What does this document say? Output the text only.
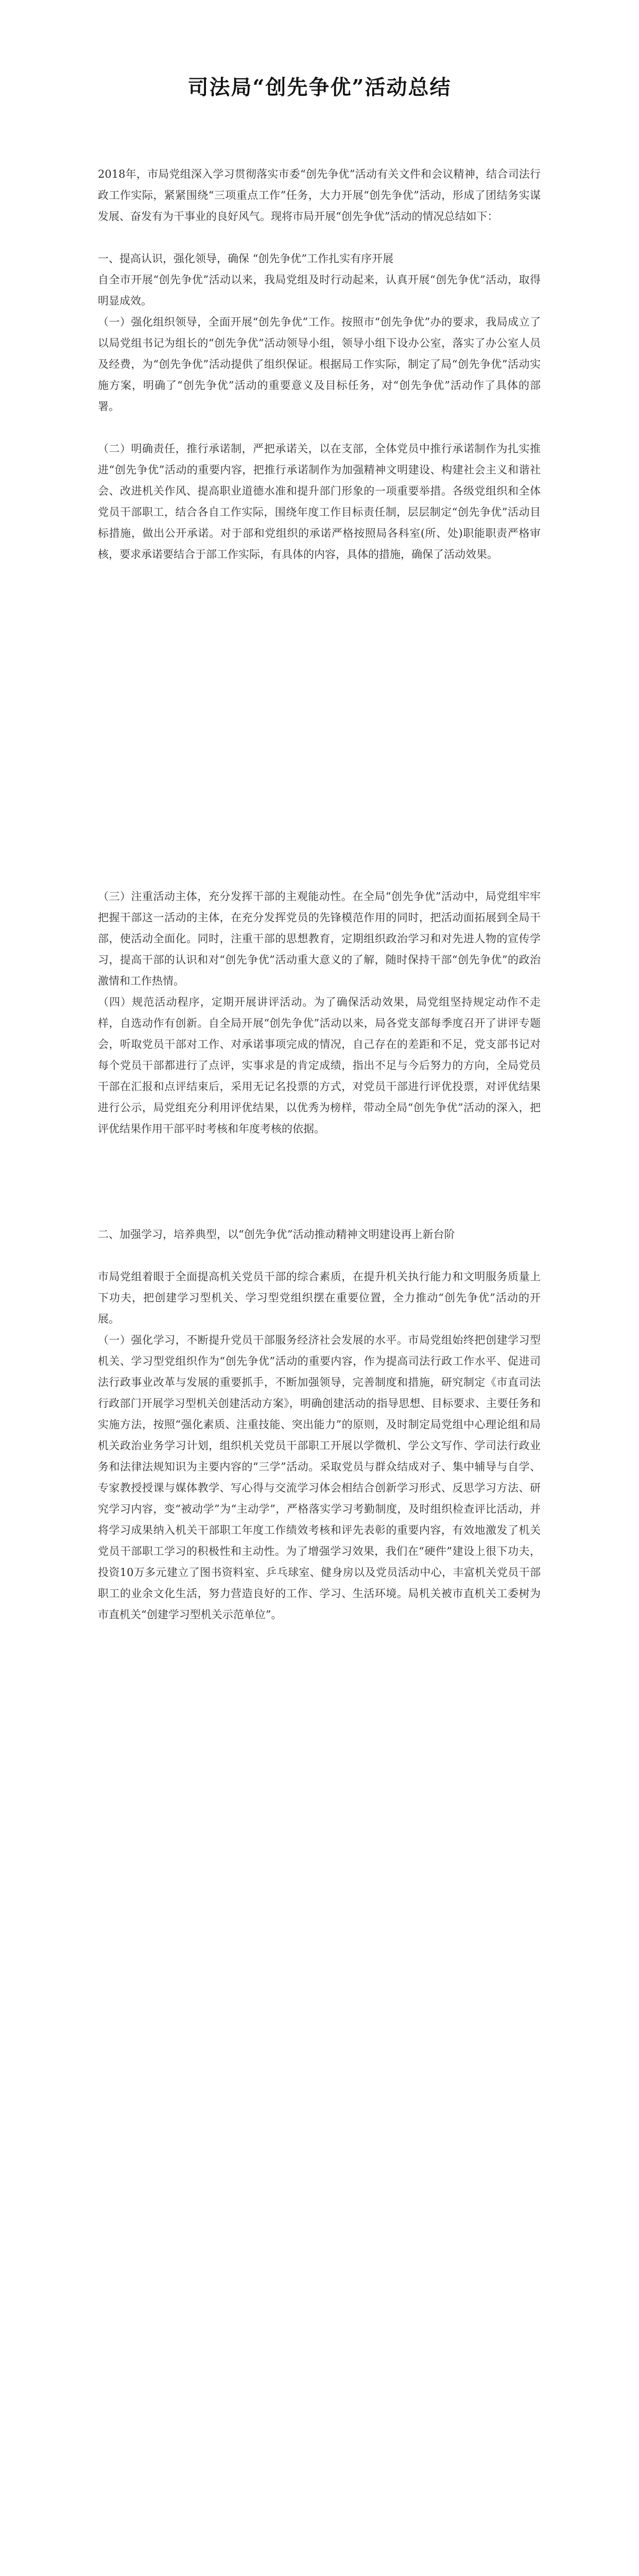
司法局“创先争优”活动总结

2018年，市局党组深入学习贯彻落实市委“创先争优”活动有关文件和会议精神，结合司法行政工作实际，紧紧围绕“三项重点工作”任务，大力开展“创先争优”活动，形成了团结务实谋发展、奋发有为干事业的良好风气。现将市局开展“创先争优”活动的情况总结如下：

一、提高认识，强化领导，确保 “创先争优”工作扎实有序开展

自全市开展“创先争优”活动以来，我局党组及时行动起来，认真开展“创先争优”活动，取得明显成效。

（一）强化组织领导，全面开展“创先争优”工作。按照市“创先争优”办的要求，我局成立了以局党组书记为组长的“创先争优”活动领导小组，领导小组下设办公室，落实了办公室人员及经费，为“创先争优”活动提供了组织保证。根据局工作实际，制定了局“创先争优”活动实施方案，明确了“创先争优”活动的重要意义及目标任务，对“创先争优”活动作了具体的部署。

（二）明确责任，推行承诺制，严把承诺关，以在支部，全体党员中推行承诺制作为扎实推进“创先争优”活动的重要内容，把推行承诺制作为加强精神文明建设、构建社会主义和谐社会、改进机关作风、提高职业道德水准和提升部门形象的一项重要举措。各级党组织和全体党员干部职工，结合各自工作实际，围绕年度工作目标责任制，层层制定“创先争优”活动目标措施，做出公开承诺。对于部和党组织的承诺严格按照局各科室(所、处)职能职责严格审核，要求承诺要结合于部工作实际，有具体的内容，具体的措施，确保了活动效果。

（三）注重活动主体，充分发挥干部的主观能动性。在全局“创先争优”活动中，局党组牢牢把握干部这一活动的主体，在充分发挥党员的先锋模范作用的同时，把活动面拓展到全局干部，使活动全面化。同时，注重干部的思想教育，定期组织政治学习和对先进人物的宣传学习，提高干部的认识和对“创先争优”活动重大意义的了解，随时保持干部“创先争优”的政治激情和工作热情。

（四）规范活动程序，定期开展讲评活动。为了确保活动效果，局党组坚持规定动作不走样，自选动作有创新。自全局开展“创先争优”活动以来，局各党支部每季度召开了讲评专题会，听取党员干部对工作、对承诺事项完成的情况，自己存在的差距和不足，党支部书记对每个党员干部都进行了点评，实事求是的肯定成绩，指出不足与今后努力的方向，全局党员干部在汇报和点评结束后，采用无记名投票的方式，对党员干部进行评优投票，对评优结果进行公示，局党组充分利用评优结果，以优秀为榜样，带动全局“创先争优”活动的深入，把评优结果作用干部平时考核和年度考核的依据。

二、加强学习，培养典型，以“创先争优”活动推动精神文明建设再上新台阶

市局党组着眼于全面提高机关党员干部的综合素质，在提升机关执行能力和文明服务质量上下功夫，把创建学习型机关、学习型党组织摆在重要位置，全力推动“创先争优”活动的开展。

（一）强化学习，不断提升党员干部服务经济社会发展的水平。市局党组始终把创建学习型机关、学习型党组织作为“创先争优”活动的重要内容，作为提高司法行政工作水平、促进司法行政事业改革与发展的重要抓手，不断加强领导，完善制度和措施，研究制定《市直司法行政部门开展学习型机关创建活动方案》，明确创建活动的指导思想、目标要求、主要任务和实施方法，按照“强化素质、注重技能、突出能力”的原则，及时制定局党组中心理论组和局机关政治业务学习计划，组织机关党员干部职工开展以学微机、学公文写作、学司法行政业务和法律法规知识为主要内容的“三学”活动。采取党员与群众结成对子、集中辅导与自学、专家教授授课与媒体教学、写心得与交流学习体会相结合创新学习形式、反思学习方法、研究学习内容，变“被动学”为“主动学”，严格落实学习考勤制度，及时组织检查评比活动，并将学习成果纳入机关干部职工年度工作绩效考核和评先表彰的重要内容，有效地激发了机关党员干部职工学习的积极性和主动性。为了增强学习效果，我们在“硬件”建设上很下功夫，投资10万多元建立了图书资料室、乒乓球室、健身房以及党员活动中心，丰富机关党员干部职工的业余文化生活，努力营造良好的工作、学习、生活环境。局机关被市直机关工委树为市直机关“创建学习型机关示范单位”。
